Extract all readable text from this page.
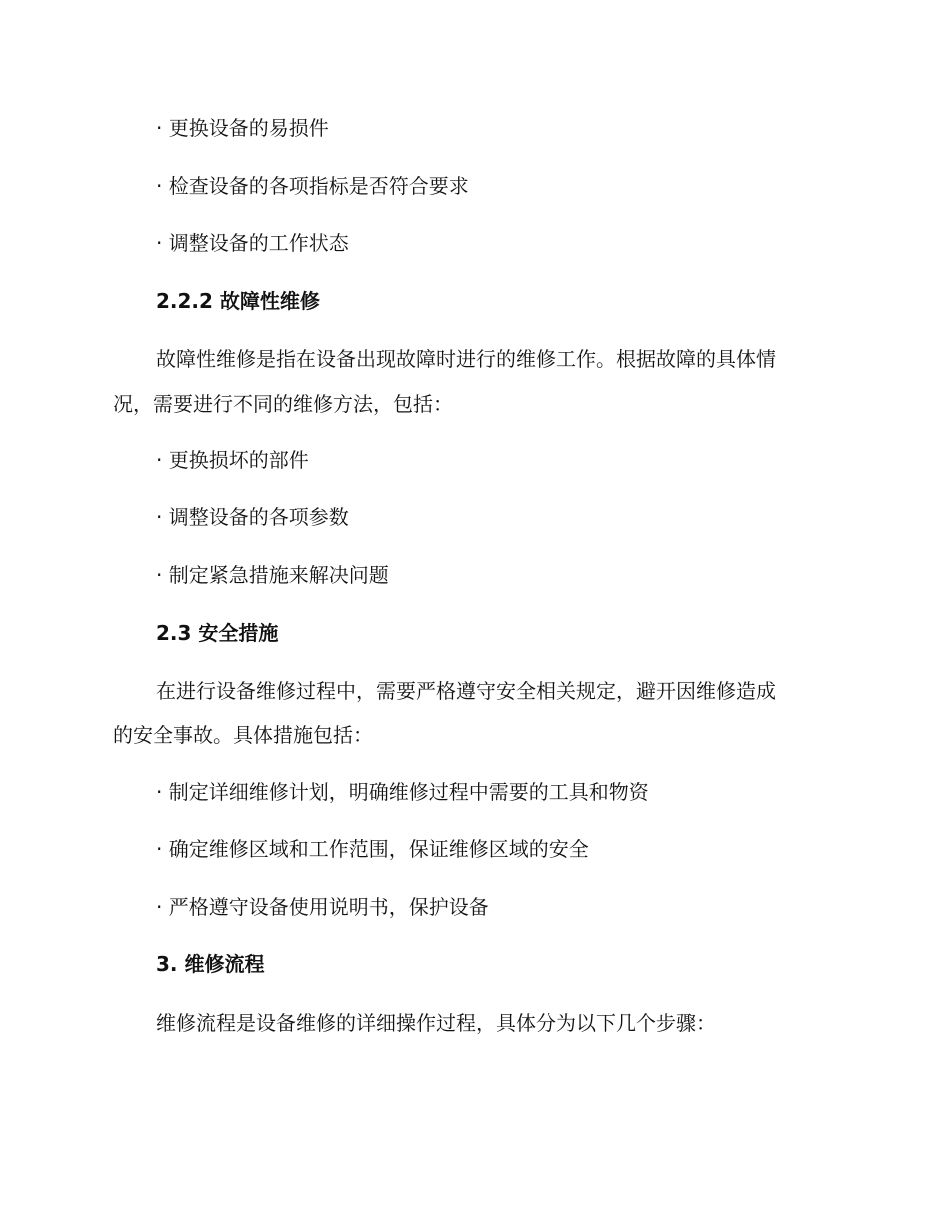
· 更换设备的易损件
· 检查设备的各项指标是否符合要求
· 调整设备的工作状态
2.2.2 故障性维修
故障性维修是指在设备出现故障时进行的维修工作。根据故障的具体情
况，需要进行不同的维修方法，包括：
· 更换损坏的部件
· 调整设备的各项参数
· 制定紧急措施来解决问题
2.3 安全措施
在进行设备维修过程中，需要严格遵守安全相关规定，避开因维修造成
的安全事故。具体措施包括：
· 制定详细维修计划，明确维修过程中需要的工具和物资
· 确定维修区域和工作范围，保证维修区域的安全
· 严格遵守设备使用说明书，保护设备
3. 维修流程
维修流程是设备维修的详细操作过程，具体分为以下几个步骤：
